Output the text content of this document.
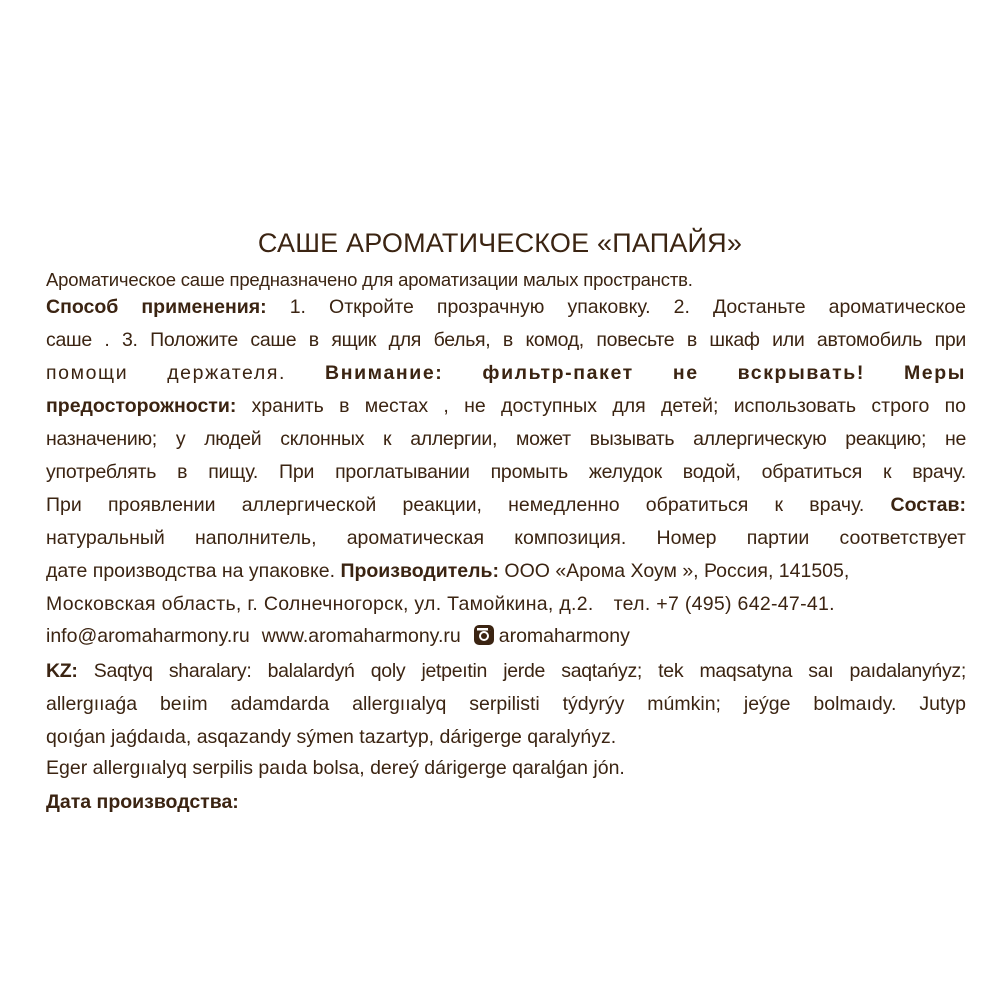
САШЕ АРОМАТИЧЕСКОЕ «ПАПАЙЯ»
Ароматическое саше предназначено для ароматизации малых пространств.
Способ применения: 1. Откройте прозрачную упаковку. 2. Достаньте ароматическое
саше . 3. Положите саше в ящик для белья, в комод, повесьте в шкаф или автомобиль при
помощи держателя. Внимание: фильтр-пакет не вскрывать! Меры
предосторожности: хранить в местах , не доступных для детей; использовать строго по
назначению; у людей склонных к аллергии, может вызывать аллергическую реакцию; не
употреблять в пищу. При проглатывании промыть желудок водой, обратиться к врачу.
При проявлении аллергической реакции, немедленно обратиться к врачу. Состав:
натуральный наполнитель, ароматическая композиция. Номер партии соответствует
дате производства на упаковке. Производитель: ООО «Арома Хоум », Россия, 141505,
Московская область, г. Солнечногорск, ул. Тамойкина, д.2. тел. +7 (495) 642-47-41.
info@aromaharmony.ru www.aromaharmony.ru aromaharmony
KZ: Saqtyq sharalary: balalardyń qoly jetpeıtin jerde saqtańyz; tek maqsatyna saı paıdalanyńyz;
allergııaǵa beıim adamdarda allergııalyq serpilisti týdyrýy múmkin; jeýge bolmaıdy. Jutyp
qoıǵan jaǵdaıda, asqazandy sýmen tazartyp, dárigerge qaralyńyz.
Eger allergııalyq serpilis paıda bolsa, dereý dárigerge qaralǵan jón.
Дата производства:
